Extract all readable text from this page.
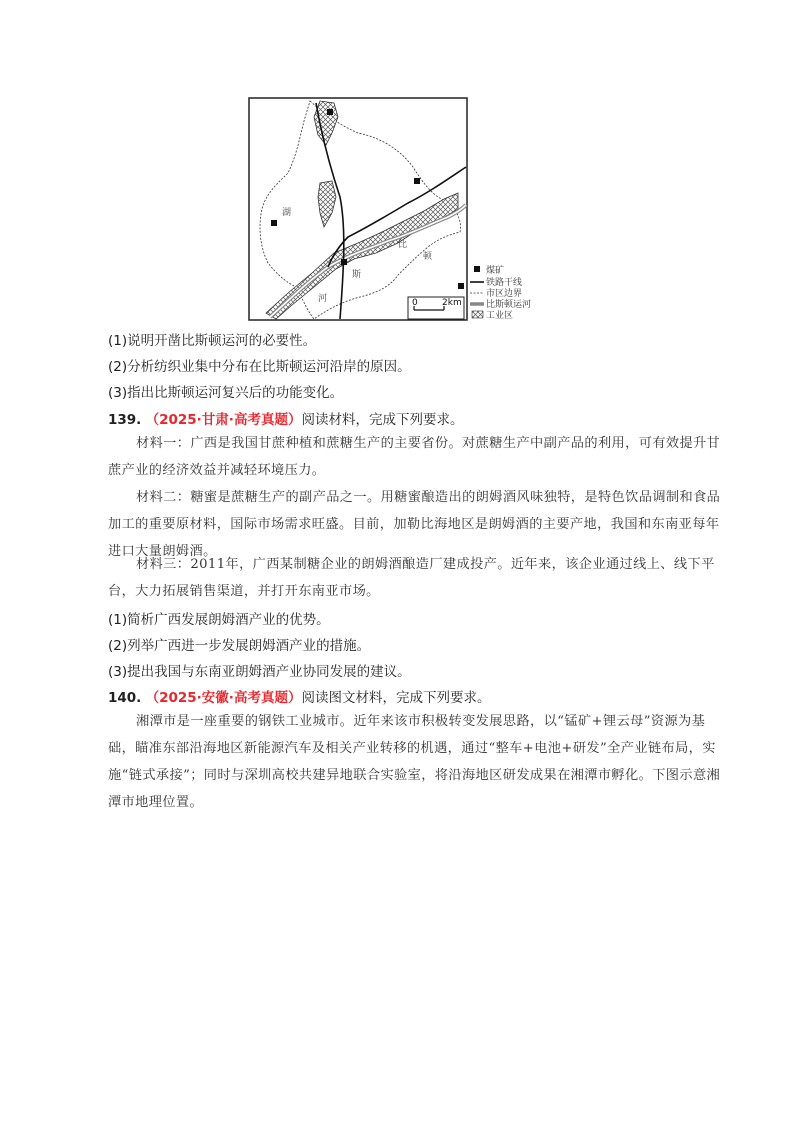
湖
比
斯
顿
河	0	2km
煤矿
铁路干线
市区边界
比斯顿运河
工业区
(1)说明开凿比斯顿运河的必要性。
(2)分析纺织业集中分布在比斯顿运河沿岸的原因。
(3)指出比斯顿运河复兴后的功能变化。
139. （2025·甘肃·高考真题）阅读材料，完成下列要求。
材料一：广西是我国甘蔗种植和蔗糖生产的主要省份。对蔗糖生产中副产品的利用，可有效提升甘蔗产业的经济效益并减轻环境压力。
材料二：糖蜜是蔗糖生产的副产品之一。用糖蜜酿造出的朗姆酒风味独特，是特色饮品调制和食品加工的重要原材料，国际市场需求旺盛。目前，加勒比海地区是朗姆酒的主要产地，我国和东南亚每年进口大量朗姆酒。
材料三：2011年，广西某制糖企业的朗姆酒酿造厂建成投产。近年来，该企业通过线上、线下平台，大力拓展销售渠道，并打开东南亚市场。
(1)简析广西发展朗姆酒产业的优势。
(2)列举广西进一步发展朗姆酒产业的措施。
(3)提出我国与东南亚朗姆酒产业协同发展的建议。
140. （2025·安徽·高考真题）阅读图文材料，完成下列要求。
湘潭市是一座重要的钢铁工业城市。近年来该市积极转变发展思路，以“锰矿+锂云母”资源为基础，瞄准东部沿海地区新能源汽车及相关产业转移的机遇，通过“整车+电池+研发”全产业链布局，实施“链式承接”；同时与深圳高校共建异地联合实验室，将沿海地区研发成果在湘潭市孵化。下图示意湘潭市地理位置。
